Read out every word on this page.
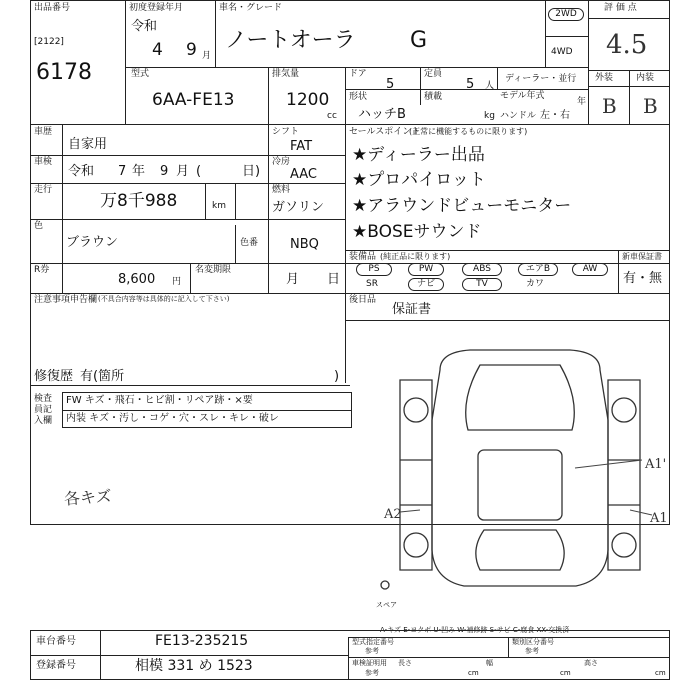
出品番号
[2122]
6178
初度登録年月
令和
4 9 月
車名・グレード
ノートオーラ G
2WD
4WD
評 価 点
4.5
外装	内装
B B
型式
6AA-FE13
排気量
1200
cc
ドア
5
定員
5 人
ディーラー・並行
モデル年式
年
形状
ハッチB
積載
kg ハンドル 左・右
車歴
自家用
車検
令和 7 年 9 月 (	日)
走行
万8千988	km
色
ブラウン	色番 NBQ
R券
8,600 円
名変期限
月 日
シフト
FAT
冷房
AAC
燃料
ガソリン
セールスポイント
(正常に機能するものに限ります)
★ディーラー出品
★プロパイロット
★アラウンドビューモニター
★BOSEサウンド
装備品 (純正品に限ります)
PS	PW	ABS	エアB	AW
SR	ナビ	TV	カワ
新車保証書
有・無
後日品
保証書
注意事項申告欄 (不具合内容等は具体的に記入して下さい)
修復歴 有(箇所	)
検査員記入欄
FW キズ・飛石・ヒビ割・リペア跡・×要
内装 キズ・汚し・コゲ・穴・スレ・キレ・破レ
各キズ
A1'
A1
A2
スペア
A-キズ E-ヨクボ U-凹み W-補修跡 S-サビ C-腐食 XX-交換済
車台番号	FE13-235215
登録番号	相模 331 め 1523
型式指定番号
参考
類別区分番号
参考
車検証明用
参考
長さ
cm
幅
cm
高さ
cm
